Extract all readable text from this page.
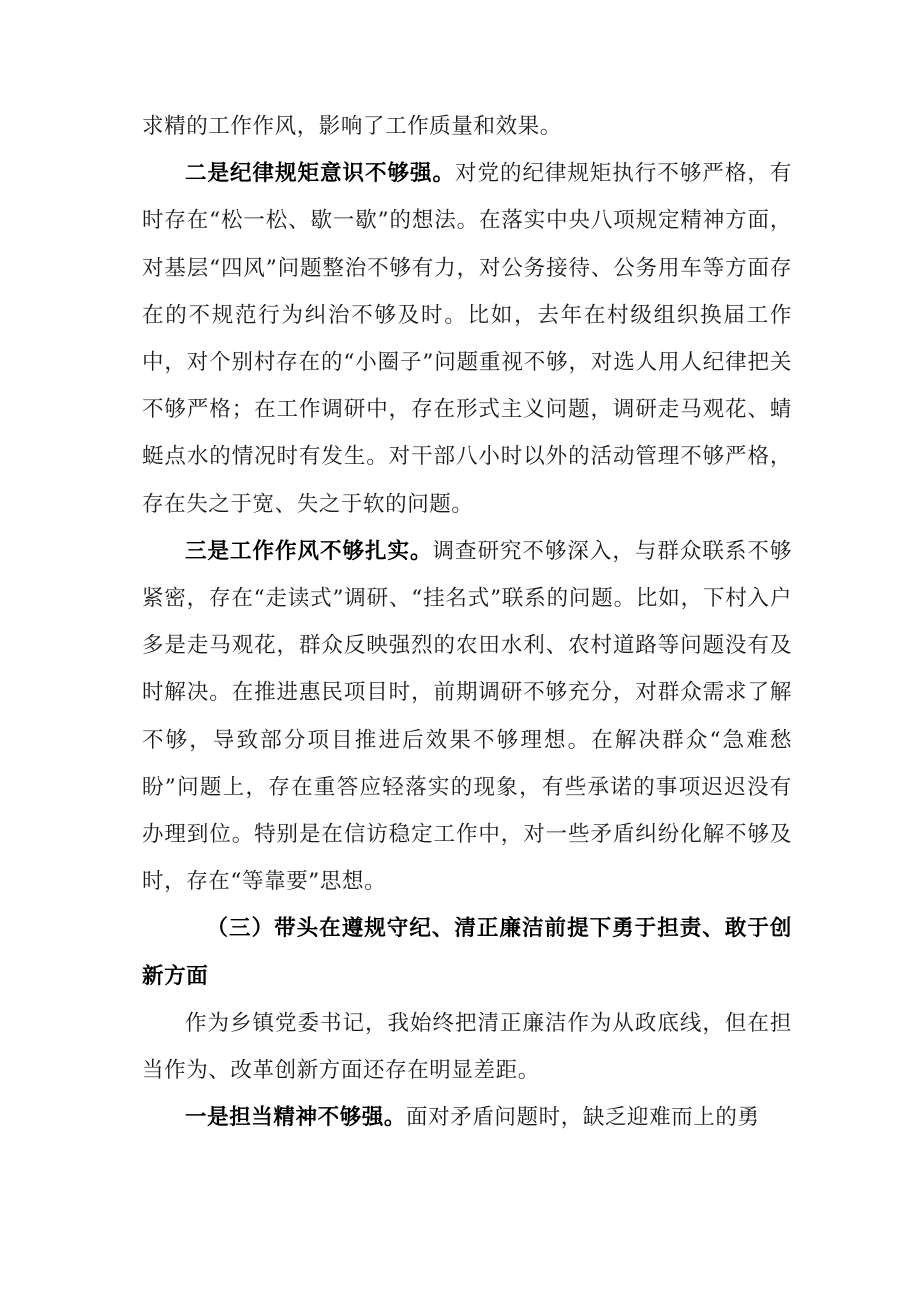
求精的工作作风，影响了工作质量和效果。

二是纪律规矩意识不够强。对党的纪律规矩执行不够严格，有时存在“松一松、歇一歇”的想法。在落实中央八项规定精神方面，对基层“四风”问题整治不够有力，对公务接待、公务用车等方面存在的不规范行为纠治不够及时。比如，去年在村级组织换届工作中，对个别村存在的“小圈子”问题重视不够，对选人用人纪律把关不够严格；在工作调研中，存在形式主义问题，调研走马观花、蜻蜓点水的情况时有发生。对干部八小时以外的活动管理不够严格，存在失之于宽、失之于软的问题。

三是工作作风不够扎实。调查研究不够深入，与群众联系不够紧密，存在“走读式”调研、“挂名式”联系的问题。比如，下村入户多是走马观花，群众反映强烈的农田水利、农村道路等问题没有及时解决。在推进惠民项目时，前期调研不够充分，对群众需求了解不够，导致部分项目推进后效果不够理想。在解决群众“急难愁盼”问题上，存在重答应轻落实的现象，有些承诺的事项迟迟没有办理到位。特别是在信访稳定工作中，对一些矛盾纠纷化解不够及时，存在“等靠要”思想。

（三）带头在遵规守纪、清正廉洁前提下勇于担责、敢于创新方面

作为乡镇党委书记，我始终把清正廉洁作为从政底线，但在担当作为、改革创新方面还存在明显差距。

一是担当精神不够强。面对矛盾问题时，缺乏迎难而上的勇
